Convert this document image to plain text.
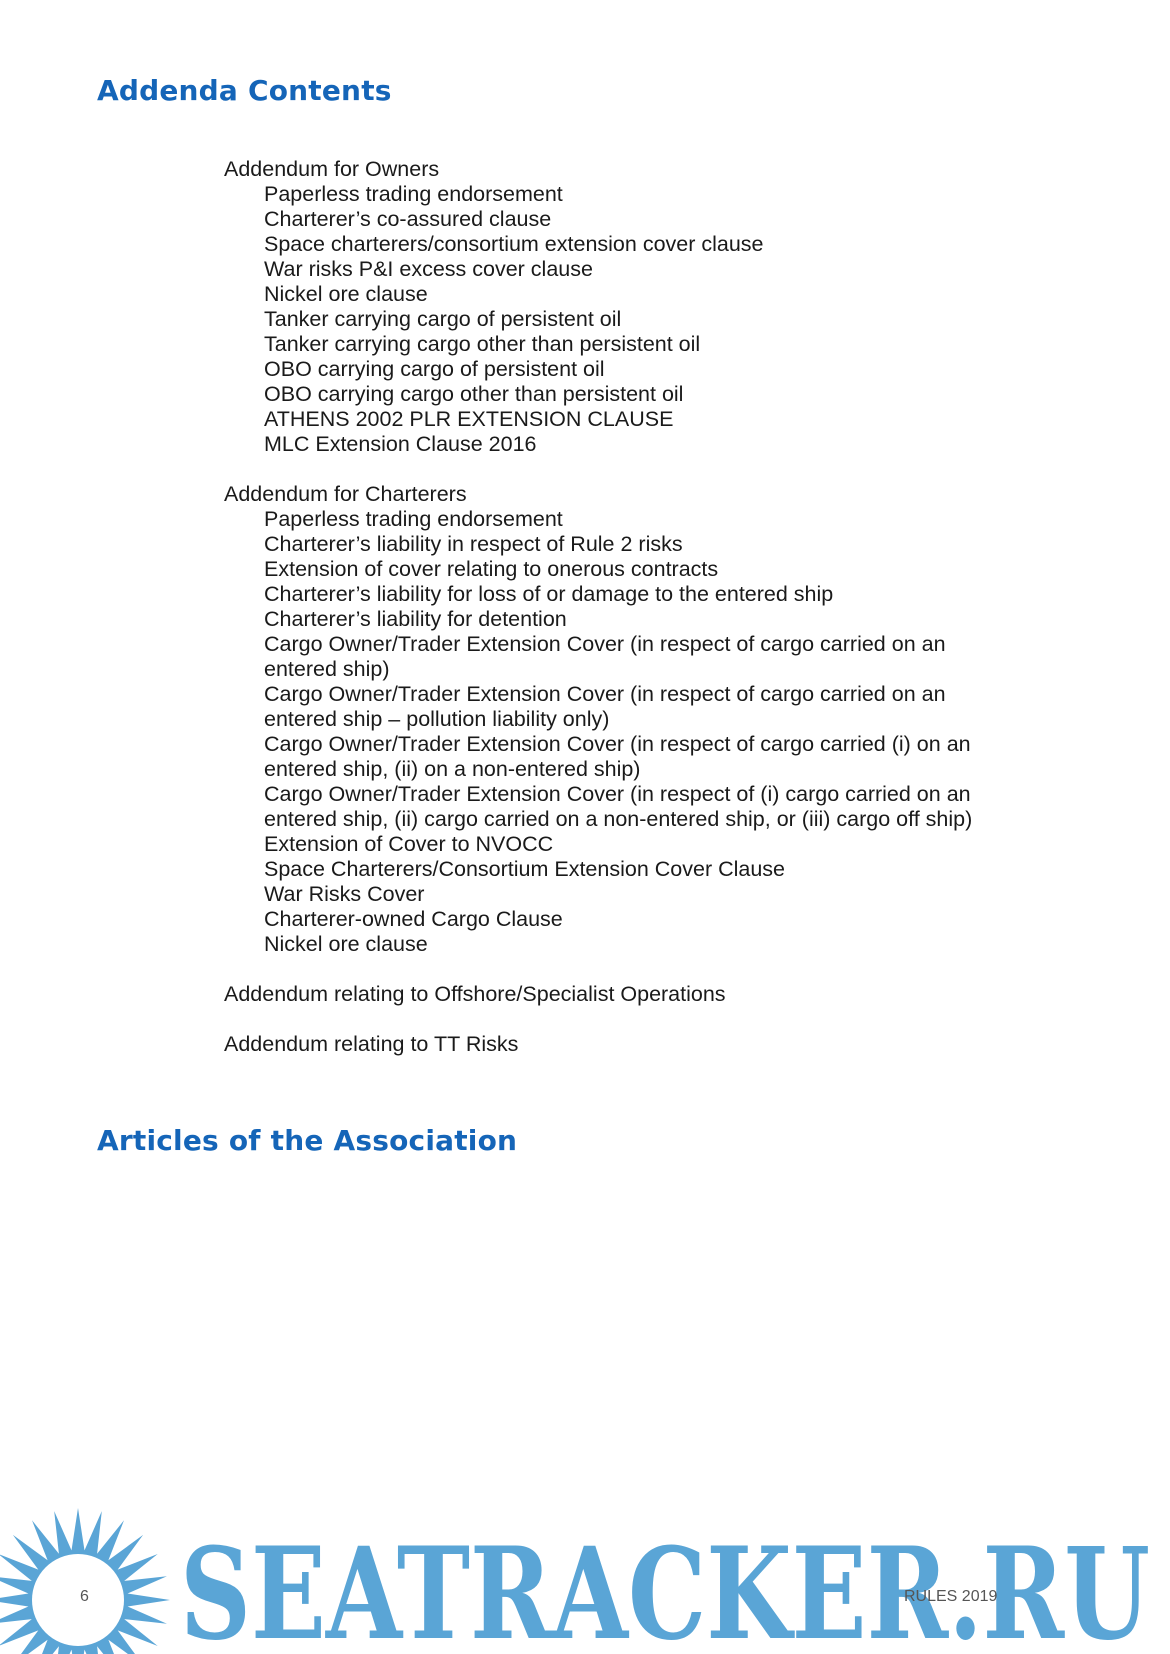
Addenda Contents

Addendum for Owners

Paperless trading endorsement
Charterer’s co-assured clause
Space charterers/consortium extension cover clause
War risks P&I excess cover clause
Nickel ore clause
Tanker carrying cargo of persistent oil
Tanker carrying cargo other than persistent oil
OBO carrying cargo of persistent oil
OBO carrying cargo other than persistent oil
ATHENS 2002 PLR EXTENSION CLAUSE
MLC Extension Clause 2016

Addendum for Charterers

Paperless trading endorsement
Charterer’s liability in respect of Rule 2 risks
Extension of cover relating to onerous contracts
Charterer’s liability for loss of or damage to the entered ship
Charterer’s liability for detention
Cargo Owner/Trader Extension Cover (in respect of cargo carried on an entered ship)
Cargo Owner/Trader Extension Cover (in respect of cargo carried on an entered ship – pollution liability only)
Cargo Owner/Trader Extension Cover (in respect of cargo carried (i) on an entered ship, (ii) on a non-entered ship)
Cargo Owner/Trader Extension Cover (in respect of (i) cargo carried on an entered ship, (ii) cargo carried on a non-entered ship, or (iii) cargo off ship)
Extension of Cover to NVOCC
Space Charterers/Consortium Extension Cover Clause
War Risks Cover
Charterer-owned Cargo Clause
Nickel ore clause

Addendum relating to Offshore/Specialist Operations

Addendum relating to TT Risks

Articles of the Association
SEATRACKER.RU
6	RULES 2019
